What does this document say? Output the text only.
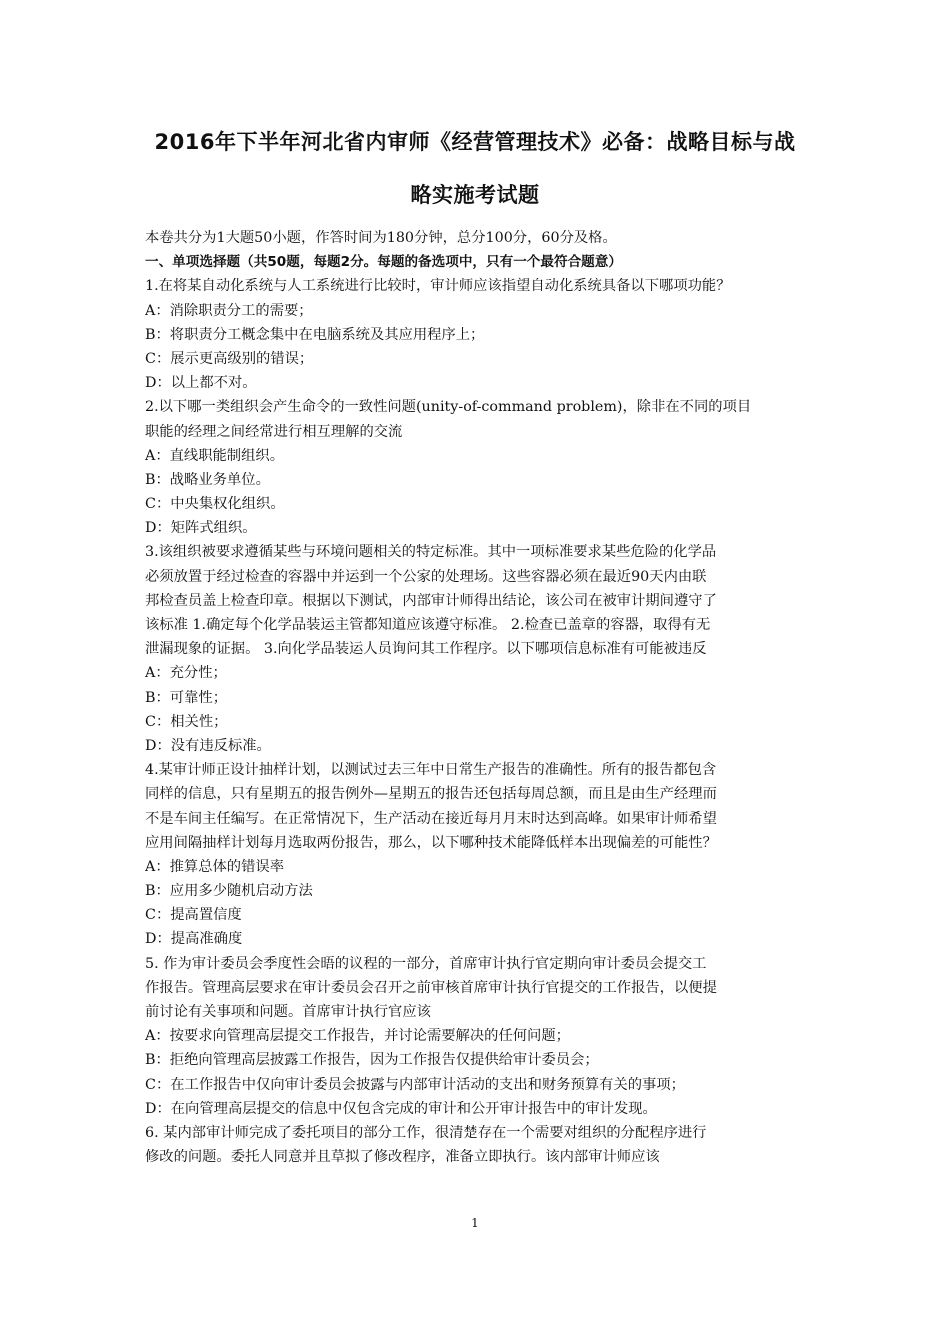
2016年下半年河北省内审师《经营管理技术》必备：战略目标与战
略实施考试题
本卷共分为1大题50小题，作答时间为180分钟，总分100分，60分及格。
一、单项选择题（共50题，每题2分。每题的备选项中，只有一个最符合题意）
1.在将某自动化系统与人工系统进行比较时，审计师应该指望自动化系统具备以下哪项功能？
A：消除职责分工的需要；
B：将职责分工概念集中在电脑系统及其应用程序上；
C：展示更高级别的错误；
D：以上都不对。
2.以下哪一类组织会产生命令的一致性问题(unity-of-command problem)，除非在不同的项目
职能的经理之间经常进行相互理解的交流
A：直线职能制组织。
B：战略业务单位。
C：中央集权化组织。
D：矩阵式组织。
3.该组织被要求遵循某些与环境问题相关的特定标准。其中一项标准要求某些危险的化学品
必须放置于经过检查的容器中并运到一个公家的处理场。这些容器必须在最近90天内由联
邦检查员盖上检查印章。根据以下测试，内部审计师得出结论，该公司在被审计期间遵守了
该标准 1.确定每个化学品装运主管都知道应该遵守标准。 2.检查已盖章的容器，取得有无
泄漏现象的证据。 3.向化学品装运人员询问其工作程序。以下哪项信息标准有可能被违反
A：充分性；
B：可靠性；
C：相关性；
D：没有违反标准。
4.某审计师正设计抽样计划，以测试过去三年中日常生产报告的准确性。所有的报告都包含
同样的信息，只有星期五的报告例外—星期五的报告还包括每周总额，而且是由生产经理而
不是车间主任编写。在正常情况下，生产活动在接近每月月末时达到高峰。如果审计师希望
应用间隔抽样计划每月选取两份报告，那么，以下哪种技术能降低样本出现偏差的可能性？
A：推算总体的错误率
B：应用多少随机启动方法
C：提高置信度
D：提高准确度
5. 作为审计委员会季度性会晤的议程的一部分，首席审计执行官定期向审计委员会提交工
作报告。管理高层要求在审计委员会召开之前审核首席审计执行官提交的工作报告，以便提
前讨论有关事项和问题。首席审计执行官应该
A：按要求向管理高层提交工作报告，并讨论需要解决的任何问题；
B：拒绝向管理高层披露工作报告，因为工作报告仅提供给审计委员会；
C：在工作报告中仅向审计委员会披露与内部审计活动的支出和财务预算有关的事项；
D：在向管理高层提交的信息中仅包含完成的审计和公开审计报告中的审计发现。
6. 某内部审计师完成了委托项目的部分工作，很清楚存在一个需要对组织的分配程序进行
修改的问题。委托人同意并且草拟了修改程序，准备立即执行。该内部审计师应该
1
